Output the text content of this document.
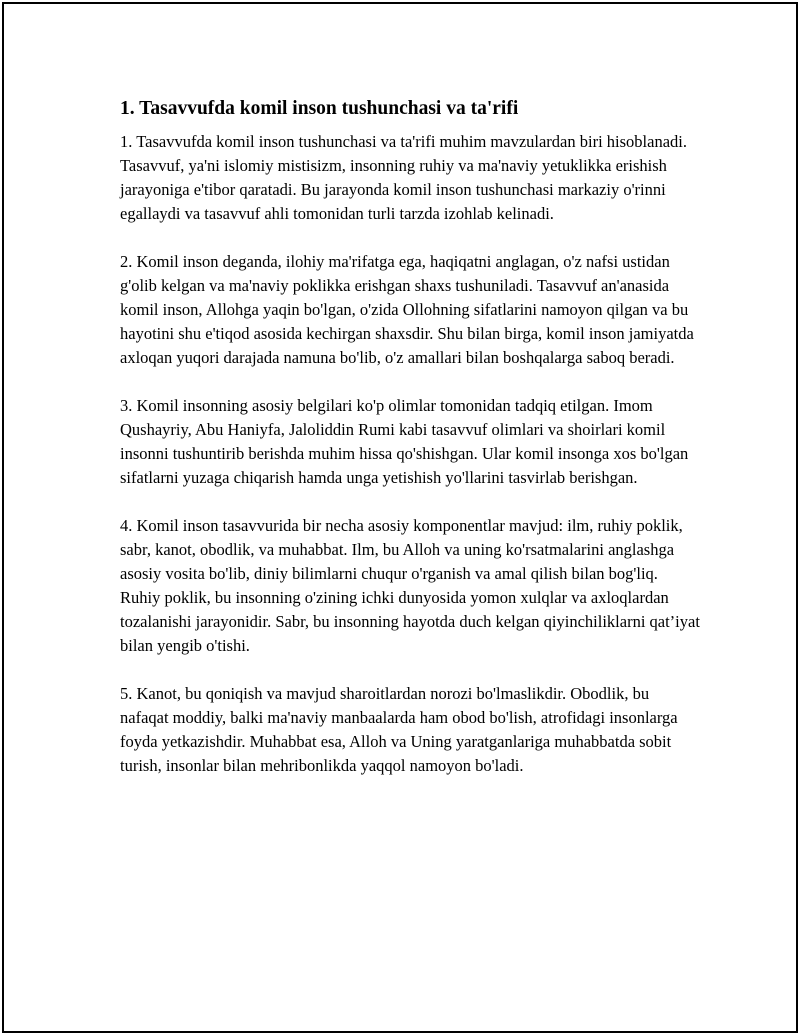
1. Tasavvufda komil inson tushunchasi va ta'rifi

1. Tasavvufda komil inson tushunchasi va ta'rifi muhim mavzulardan biri hisoblanadi. Tasavvuf, ya'ni islomiy mistisizm, insonning ruhiy va ma'naviy yetuklikka erishish jarayoniga e'tibor qaratadi. Bu jarayonda komil inson tushunchasi markaziy o'rinni egallaydi va tasavvuf ahli tomonidan turli tarzda izohlab kelinadi.

2. Komil inson deganda, ilohiy ma'rifatga ega, haqiqatni anglagan, o'z nafsi ustidan g'olib kelgan va ma'naviy poklikka erishgan shaxs tushuniladi. Tasavvuf an'anasida komil inson, Allohga yaqin bo'lgan, o'zida Ollohning sifatlarini namoyon qilgan va bu hayotini shu e'tiqod asosida kechirgan shaxsdir. Shu bilan birga, komil inson jamiyatda axloqan yuqori darajada namuna bo'lib, o'z amallari bilan boshqalarga saboq beradi.

3. Komil insonning asosiy belgilari ko'p olimlar tomonidan tadqiq etilgan. Imom Qushayriy, Abu Haniyfa, Jaloliddin Rumi kabi tasavvuf olimlari va shoirlari komil insonni tushuntirib berishda muhim hissa qo'shishgan. Ular komil insonga xos bo'lgan sifatlarni yuzaga chiqarish hamda unga yetishish yo'llarini tasvirlab berishgan.

4. Komil inson tasavvurida bir necha asosiy komponentlar mavjud: ilm, ruhiy poklik, sabr, kanot, obodlik, va muhabbat. Ilm, bu Alloh va uning ko'rsatmalarini anglashga asosiy vosita bo'lib, diniy bilimlarni chuqur o'rganish va amal qilish bilan bog'liq. Ruhiy poklik, bu insonning o'zining ichki dunyosida yomon xulqlar va axloqlardan tozalanishi jarayonidir. Sabr, bu insonning hayotda duch kelgan qiyinchiliklarni qat’iyat bilan yengib o'tishi.

5. Kanot, bu qoniqish va mavjud sharoitlardan norozi bo'lmaslikdir. Obodlik, bu nafaqat moddiy, balki ma'naviy manbaalarda ham obod bo'lish, atrofidagi insonlarga foyda yetkazishdir. Muhabbat esa, Alloh va Uning yaratganlariga muhabbatda sobit turish, insonlar bilan mehribonlikda yaqqol namoyon bo'ladi.
